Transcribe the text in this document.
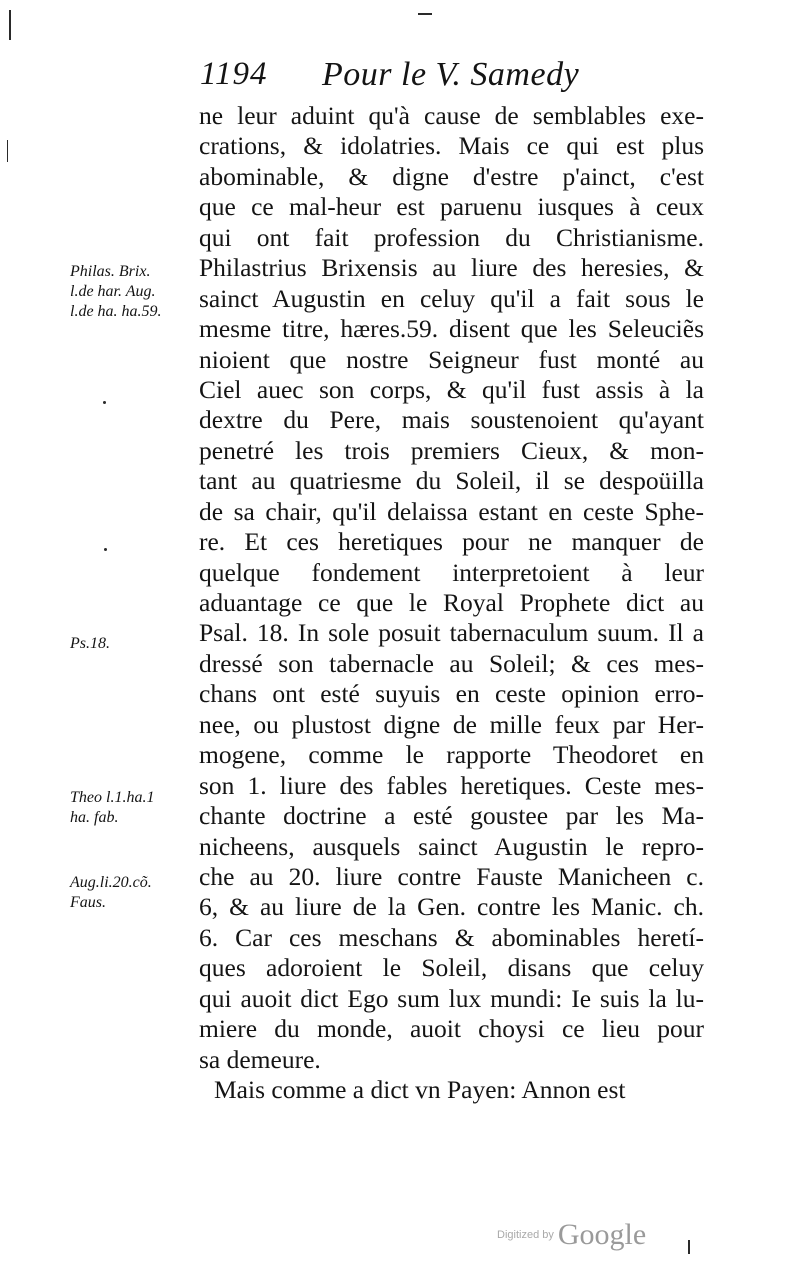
1194 Pour le V. Samedy
Philas. Brix.
l.de har. Aug.
l.de ha. ha.59.
Ps.18.
Theo l.1.ha.1
ha. fab.
Aug.li.20.cõ.
Faus.
ne leur aduint qu'à cause de semblables exe-
crations, & idolatries. Mais ce qui est plus
abominable, & digne d'estre p'ainct, c'est
que ce mal-heur est paruenu iusques à ceux
qui ont fait profession du Christianisme.
Philastrius Brixensis au liure des heresies, &
sainct Augustin en celuy qu'il a fait sous le
mesme titre, hæres.59. disent que les Seleuciẽs
nioient que nostre Seigneur fust monté au
Ciel auec son corps, & qu'il fust assis à la
dextre du Pere, mais soustenoient qu'ayant
penetré les trois premiers Cieux, & mon-
tant au quatriesme du Soleil, il se despoüilla
de sa chair, qu'il delaissa estant en ceste Sphe-
re. Et ces heretiques pour ne manquer de
quelque fondement interpretoient à leur
aduantage ce que le Royal Prophete dict au
Psal. 18. In sole posuit tabernaculum suum. Il a
dressé son tabernacle au Soleil; & ces mes-
chans ont esté suyuis en ceste opinion erro-
nee, ou plustost digne de mille feux par Her-
mogene, comme le rapporte Theodoret en
son 1. liure des fables heretiques. Ceste mes-
chante doctrine a esté goustee par les Ma-
nicheens, ausquels sainct Augustin le repro-
che au 20. liure contre Fauste Manicheen c.
6, & au liure de la Gen. contre les Manic. ch.
6. Car ces meschans & abominables heretí-
ques adoroient le Soleil, disans que celuy
qui auoit dict Ego sum lux mundi: Ie suis la lu-
miere du monde, auoit choysi ce lieu pour
sa demeure.
Mais comme a dict vn Payen: Annon est
Digitized by Google
